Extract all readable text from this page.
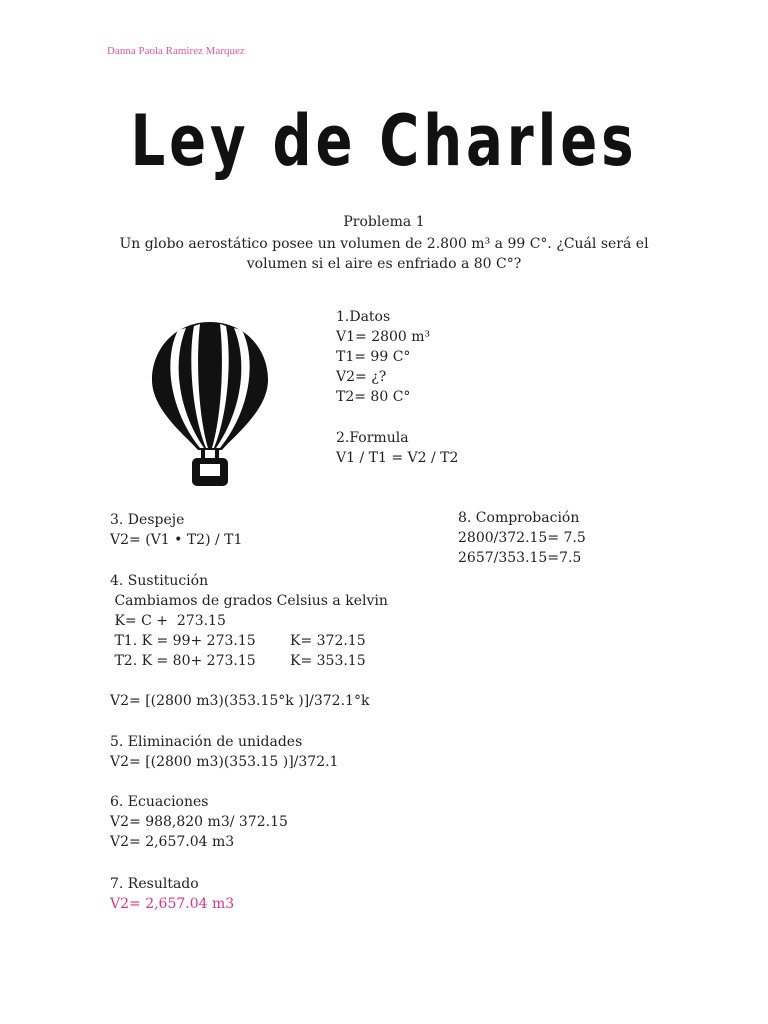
Danna Paola Ramirez Marquez
Ley de Charles
Problema 1
Un globo aerostático posee un volumen de 2.800 m³ a 99 C°. ¿Cuál será el volumen si el aire es enfriado a 80 C°?
1.Datos
V1= 2800 m³
T1= 99 C°
V2= ¿?
T2= 80 C°
2.Formula
V1 / T1 = V2 / T2
8. Comprobación
2800/372.15= 7.5
2657/353.15=7.5
3. Despeje
V2= (V1 • T2) / T1
4. Sustitución
Cambiamos de grados Celsius a kelvin
K= C +  273.15
T1. K = 99+ 273.15 K= 372.15
T2. K = 80+ 273.15 K= 353.15
V2= [(2800 m3)(353.15°k )]/372.1°k
5. Eliminación de unidades
V2= [(2800 m3)(353.15 )]/372.1
6. Ecuaciones
V2= 988,820 m3/ 372.15
V2= 2,657.04 m3
7. Resultado
V2= 2,657.04 m3
